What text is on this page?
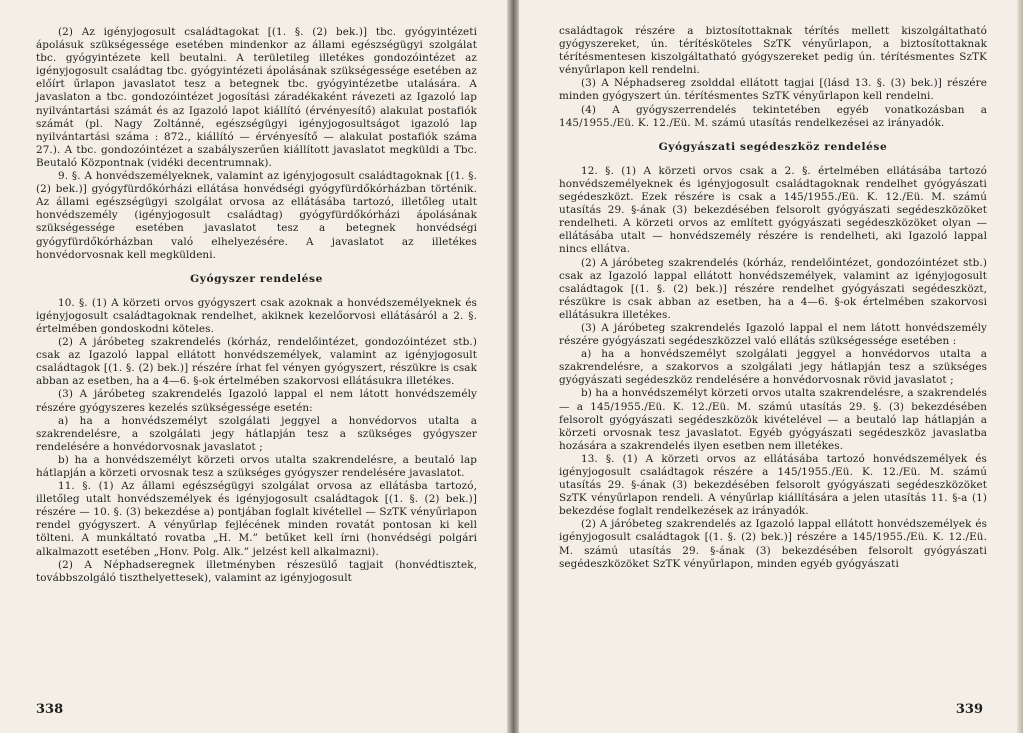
(2) Az igényjogosult családtagokat [(1. §. (2) bek.)] tbc. gyógyintézeti ápolásuk szükségessége esetében mindenkor az állami egészségügyi szolgálat tbc. gyógyintézete kell beutalni. A területileg illetékes gondozóintézet az igényjogosult családtag tbc. gyógyintézeti ápolásának szükségessége esetében az előírt űrlapon javaslatot tesz a betegnek tbc. gyógyintézetbe utalására. A javaslaton a tbc. gondozóintézet jogosítási záradékaként rávezeti az Igazoló lap nyilvántartási számát és az Igazoló lapot kiállító (érvényesítő) alakulat postafiók számát (pl. Nagy Zoltánné, egészségügyi igényjogosultságot igazoló lap nyilvántartási száma : 872., kiállító — érvényesítő — alakulat postafiók száma 27.). A tbc. gondozóintézet a szabályszerűen kiállított javaslatot megküldi a Tbc. Beutaló Központnak (vidéki decentrumnak).

9. §. A honvédszemélyeknek, valamint az igényjogosult családtagoknak [(1. §. (2) bek.)] gyógyfürdőkórházi ellátása honvédségi gyógyfürdőkórházban történik. Az állami egészségügyi szolgálat orvosa az ellátásába tartozó, illetőleg utalt honvédszemély (igényjogosult családtag) gyógyfürdőkórházi ápolásának szükségessége esetében javaslatot tesz a betegnek honvédségi gyógyfürdőkórházban való elhelyezésére. A javaslatot az illetékes honvédorvosnak kell megküldeni.

Gyógyszer rendelése

10. §. (1) A körzeti orvos gyógyszert csak azoknak a honvédszemélyeknek és igényjogosult családtagoknak rendelhet, akiknek kezelőorvosi ellátásáról a 2. §. értelmében gondoskodni köteles.

(2) A járóbeteg szakrendelés (kórház, rendelőintézet, gondozóintézet stb.) csak az Igazoló lappal ellátott honvédszemélyek, valamint az igényjogosult családtagok [(1. §. (2) bek.)] részére írhat fel vényen gyógyszert, részükre is csak abban az esetben, ha a 4—6. §-ok értelmében szakorvosi ellátásukra illetékes.

(3) A járóbeteg szakrendelés Igazoló lappal el nem látott honvédszemély részére gyógyszeres kezelés szükségessége esetén:

a) ha a honvédszemélyt szolgálati jeggyel a honvédorvos utalta a szakrendelésre, a szolgálati jegy hátlapján tesz a szükséges gyógyszer rendelésére a honvédorvosnak javaslatot ;

b) ha a honvédszemélyt körzeti orvos utalta szakrendelésre, a beutaló lap hátlapján a körzeti orvosnak tesz a szükséges gyógyszer rendelésére javaslatot.

11. §. (1) Az állami egészségügyi szolgálat orvosa az ellátásba tartozó, illetőleg utalt honvédszemélyek és igényjogosult családtagok [(1. §. (2) bek.)] részére — 10. §. (3) bekezdése a) pontjában foglalt kivétellel — SzTK vényűrlapon rendel gyógyszert. A vényűrlap fejlécének minden rovatát pontosan ki kell tölteni. A munkáltató rovatba „H. M.” betűket kell írni (honvédségi polgári alkalmazott esetében „Honv. Polg. Alk.” jelzést kell alkalmazni).

(2) A Néphadseregnek illetményben részesülő tagjait (honvédtisztek, továbbszolgáló tiszthelyettesek), valamint az igényjogosult

338

családtagok részére a biztosítottaknak térítés mellett kiszolgáltatható gyógyszereket, ún. térítésköteles SzTK vényűrlapon, a biztosítottaknak térítésmentesen kiszolgáltatható gyógyszereket pedig ún. térítésmentes SzTK vényűrlapon kell rendelni.

(3) A Néphadsereg zsolddal ellátott tagjai [(lásd 13. §. (3) bek.)] részére minden gyógyszert ún. térítésmentes SzTK vényűrlapon kell rendelni.

(4) A gyógyszerrendelés tekintetében egyéb vonatkozásban a 145/1955./Eü. K. 12./Eü. M. számú utasítás rendelkezései az irányadók.

Gyógyászati segédeszköz rendelése

12. §. (1) A körzeti orvos csak a 2. §. értelmében ellátásába tartozó honvédszemélyeknek és igényjogosult családtagoknak rendelhet gyógyászati segédeszközt. Ezek részére is csak a 145/1955./Eü. K. 12./Eü. M. számú utasítás 29. §-ának (3) bekezdésében felsorolt gyógyászati segédeszközöket rendelheti. A körzeti orvos az említett gyógyászati segédeszközöket olyan — ellátásába utalt — honvédszemély részére is rendelheti, aki Igazoló lappal nincs ellátva.

(2) A járóbeteg szakrendelés (kórház, rendelőintézet, gondozóintézet stb.) csak az Igazoló lappal ellátott honvédszemélyek, valamint az igényjogosult családtagok [(1. §. (2) bek.)] részére rendelhet gyógyászati segédeszközt, részükre is csak abban az esetben, ha a 4—6. §-ok értelmében szakorvosi ellátásukra illetékes.

(3) A járóbeteg szakrendelés Igazoló lappal el nem látott honvédszemély részére gyógyászati segédeszközzel való ellátás szükségessége esetében :

a) ha a honvédszemélyt szolgálati jeggyel a honvédorvos utalta a szakrendelésre, a szakorvos a szolgálati jegy hátlapján tesz a szükséges gyógyászati segédeszköz rendelésére a honvédorvosnak rövid javaslatot ;

b) ha a honvédszemélyt körzeti orvos utalta szakrendelésre, a szakrendelés — a 145/1955./Eü. K. 12./Eü. M. számú utasítás 29. §. (3) bekezdésében felsorolt gyógyászati segédeszközök kivételével — a beutaló lap hátlapján a körzeti orvosnak tesz javaslatot. Egyéb gyógyászati segédeszköz javaslatba hozására a szakrendelés ilyen esetben nem illetékes.

13. §. (1) A körzeti orvos az ellátásába tartozó honvédszemélyek és igényjogosult családtagok részére a 145/1955./Eü. K. 12./Eü. M. számú utasítás 29. §-ának (3) bekezdésében felsorolt gyógyászati segédeszközöket SzTK vényűrlapon rendeli. A vényűrlap kiállítására a jelen utasítás 11. §-a (1) bekezdése foglalt rendelkezések az irányadók.

(2) A járóbeteg szakrendelés az Igazoló lappal ellátott honvédszemélyek és igényjogosult családtagok [(1. §. (2) bek.)] részére a 145/1955./Eü. K. 12./Eü. M. számú utasítás 29. §-ának (3) bekezdésében felsorolt gyógyászati segédeszközöket SzTK vényűrlapon, minden egyéb gyógyászati

339
